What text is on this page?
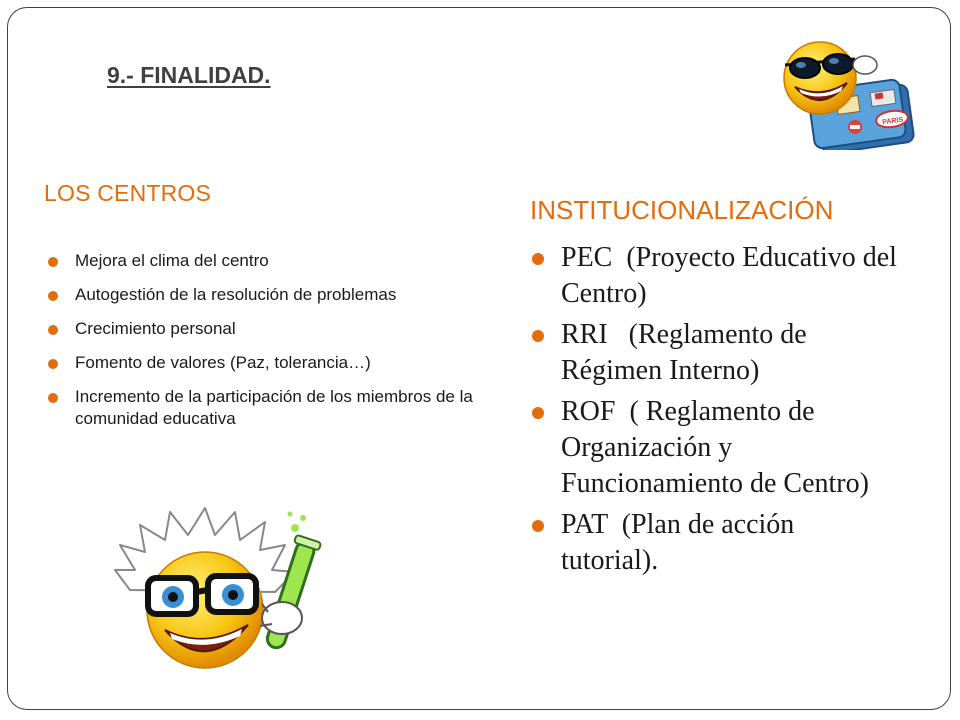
9.- FINALIDAD.
LOS CENTROS
INSTITUCIONALIZACIÓN
Mejora el clima del centro
Autogestión de la resolución de problemas
Crecimiento personal
Fomento de valores (Paz, tolerancia…)
Incremento de la participación de los miembros de la comunidad educativa
PEC  (Proyecto Educativo del Centro)
RRI   (Reglamento de Régimen Interno)
ROF  ( Reglamento de Organización y Funcionamiento de Centro)
PAT  (Plan de acción tutorial).
PARIS
